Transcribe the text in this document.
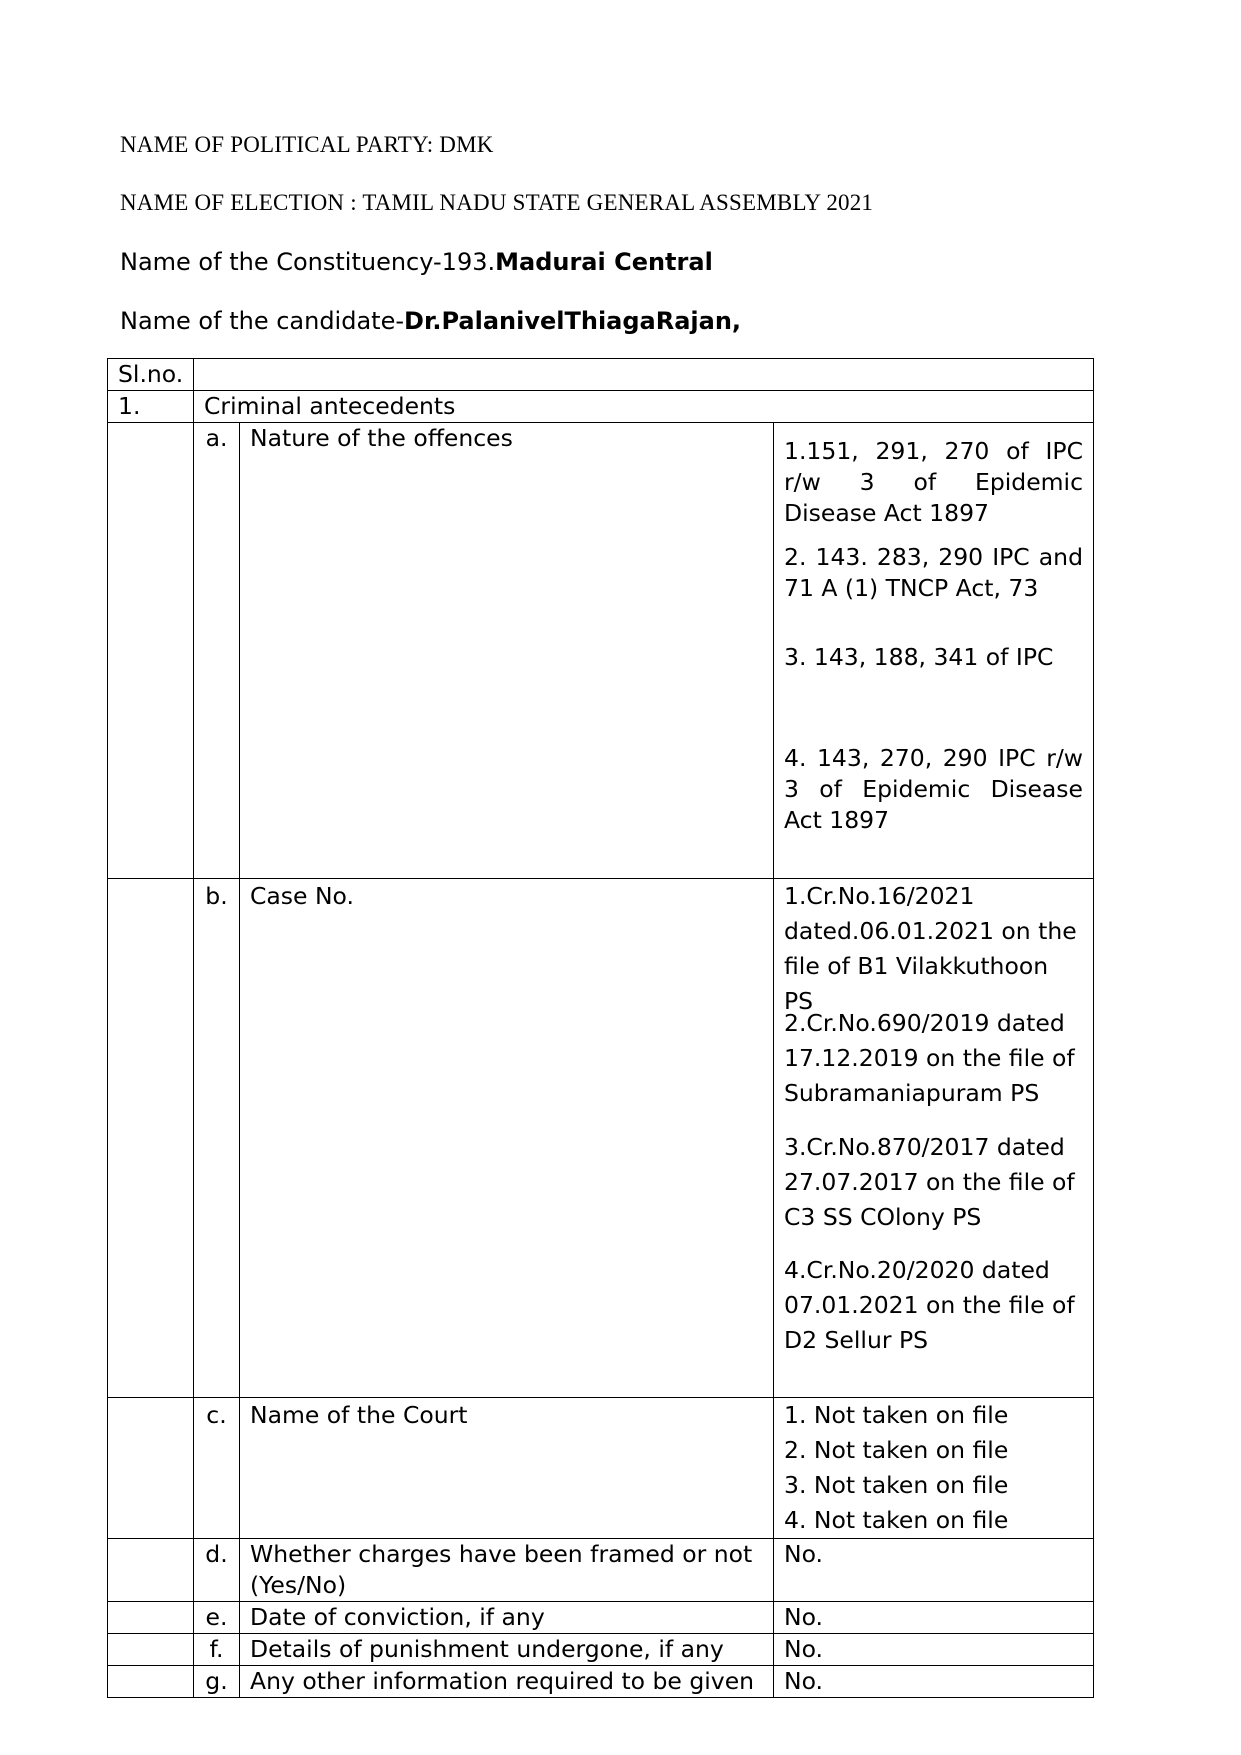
NAME OF POLITICAL PARTY: DMK
NAME OF ELECTION : TAMIL NADU STATE GENERAL ASSEMBLY 2021
Name of the Constituency-193.Madurai Central
Name of the candidate-Dr.PalanivelThiagaRajan,
Sl.no.			
1.	Criminal antecedents		
	a.	Nature of the offences	1.151, 291, 270 of IPC r/w 3 of Epidemic Disease Act 1897
2. 143. 283, 290 IPC and 71 A (1) TNCP Act, 73
3. 143, 188, 341 of IPC
4. 143, 270, 290 IPC r/w 3 of Epidemic Disease Act 1897

	b.	Case No.	1.Cr.No.16/2021 dated.06.01.2021 on the file of B1 Vilakkuthoon PS
2.Cr.No.690/2019 dated 17.12.2019 on the file of Subramaniapuram PS
3.Cr.No.870/2017 dated 27.07.2017 on the file of C3 SS COlony PS
4.Cr.No.20/2020 dated 07.01.2021 on the file of D2 Sellur PS

	c.	Name of the Court	1. Not taken on file
2. Not taken on file
3. Not taken on file
4. Not taken on file

	d.	Whether charges have been framed or not (Yes/No)	No.
	e.	Date of conviction, if any	No.
	f.	Details of punishment undergone, if any	No.
	g.	Any other information required to be given	No.
